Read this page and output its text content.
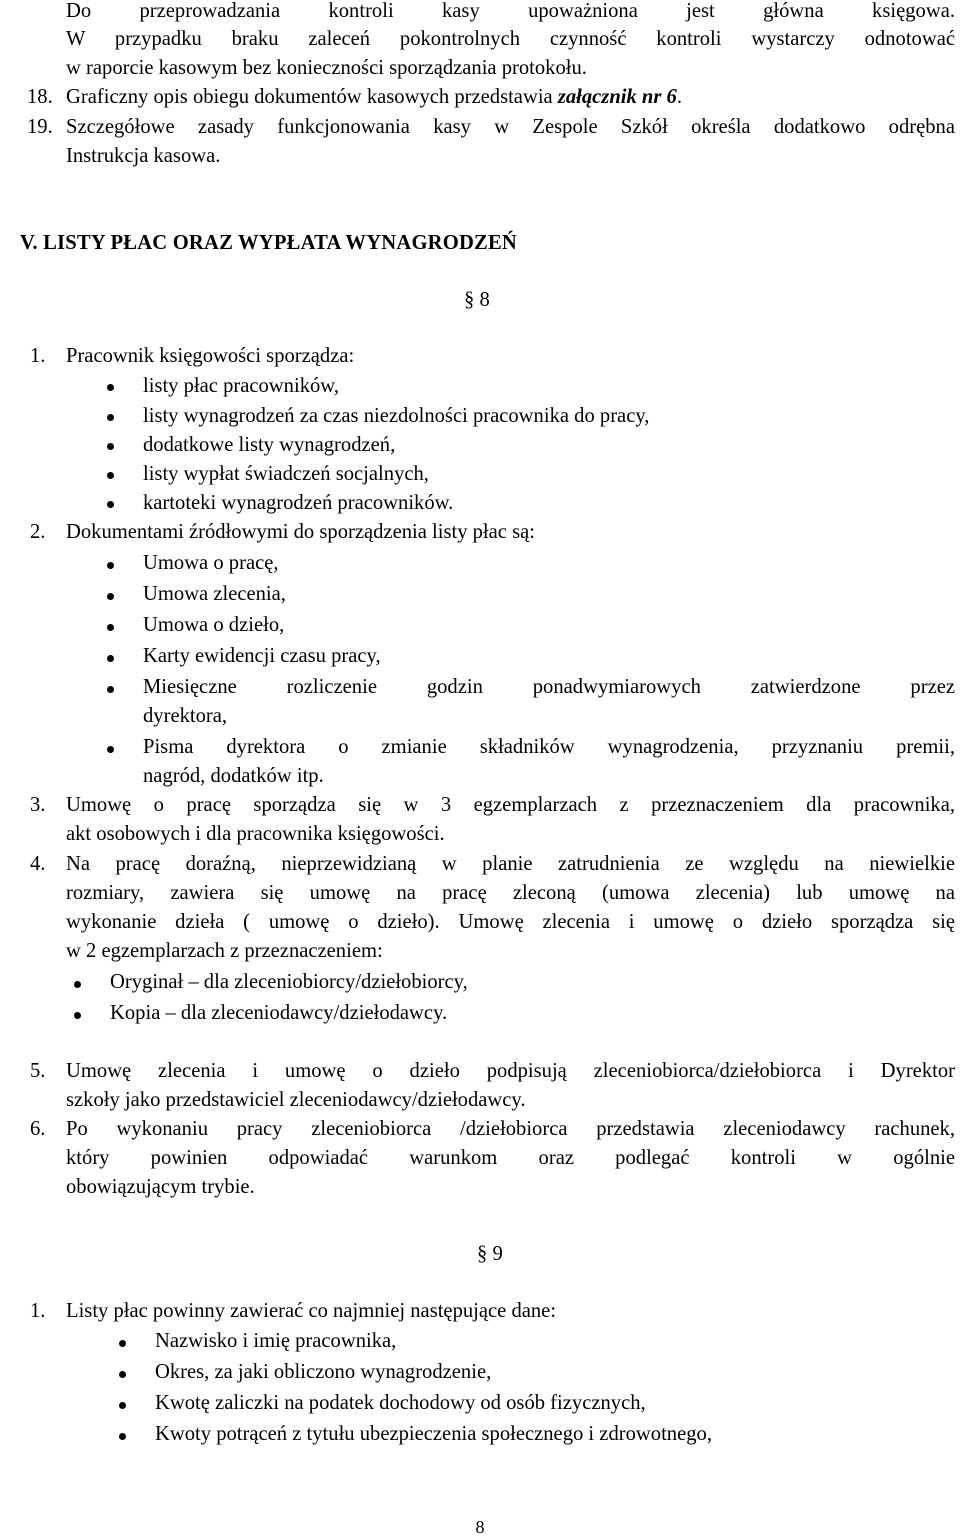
Do przeprowadzania kontroli kasy upoważniona jest główna księgowa.
W przypadku braku zaleceń pokontrolnych czynność kontroli wystarczy odnotować
w raporcie kasowym bez konieczności sporządzania protokołu.
18. Graficzny opis obiegu dokumentów kasowych przedstawia załącznik nr 6.
19. Szczegółowe zasady funkcjonowania kasy w Zespole Szkół określa dodatkowo odrębna
Instrukcja kasowa.
V. LISTY PŁAC ORAZ WYPŁATA WYNAGRODZEŃ
§ 8
1. Pracownik księgowości sporządza:
listy płac pracowników,
listy wynagrodzeń za czas niezdolności pracownika do pracy,
dodatkowe listy wynagrodzeń,
listy wypłat świadczeń socjalnych,
kartoteki wynagrodzeń pracowników.
2. Dokumentami źródłowymi do sporządzenia listy płac są:
Umowa o pracę,
Umowa zlecenia,
Umowa o dzieło,
Karty ewidencji czasu pracy,
Miesięczne rozliczenie godzin ponadwymiarowych zatwierdzone przez
dyrektora,
Pisma dyrektora o zmianie składników wynagrodzenia, przyznaniu premii,
nagród, dodatków itp.
3. Umowę o pracę sporządza się w 3 egzemplarzach z przeznaczeniem dla pracownika,
akt osobowych i dla pracownika księgowości.
4. Na pracę doraźną, nieprzewidzianą w planie zatrudnienia ze względu na niewielkie
rozmiary, zawiera się umowę na pracę zleconą (umowa zlecenia) lub umowę na
wykonanie dzieła ( umowę o dzieło). Umowę zlecenia i umowę o dzieło sporządza się
w 2 egzemplarzach z przeznaczeniem:
Oryginał – dla zleceniobiorcy/dziełobiorcy,
Kopia – dla zleceniodawcy/dziełodawcy.
5. Umowę zlecenia i umowę o dzieło podpisują zleceniobiorca/dziełobiorca i Dyrektor
szkoły jako przedstawiciel zleceniodawcy/dziełodawcy.
6. Po wykonaniu pracy zleceniobiorca /dziełobiorca przedstawia zleceniodawcy rachunek,
który powinien odpowiadać warunkom oraz podlegać kontroli w ogólnie
obowiązującym trybie.
§ 9
1. Listy płac powinny zawierać co najmniej następujące dane:
Nazwisko i imię pracownika,
Okres, za jaki obliczono wynagrodzenie,
Kwotę zaliczki na podatek dochodowy od osób fizycznych,
Kwoty potrąceń z tytułu ubezpieczenia społecznego i zdrowotnego,
8
